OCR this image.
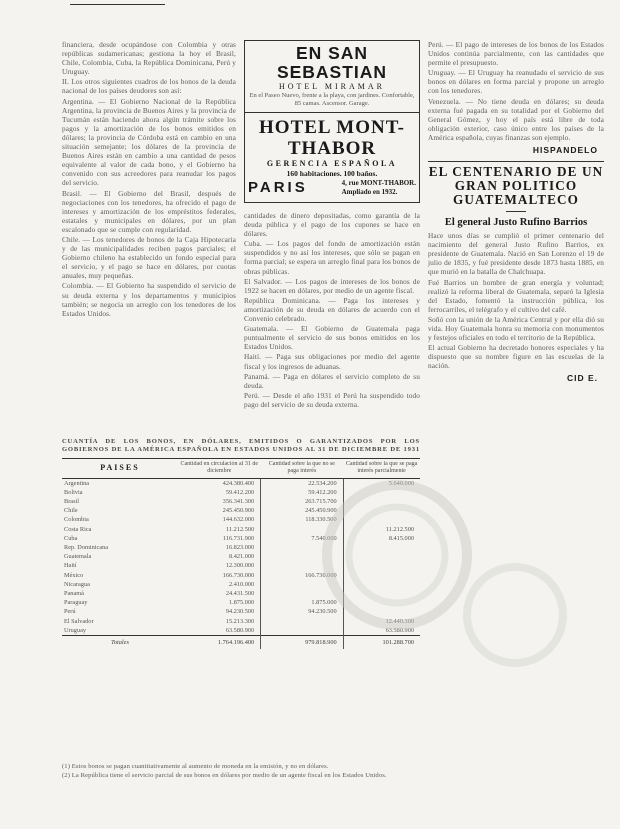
financiera, desde ocupándose con Colombia y otras repúblicas sudamericanas; gestiona la hoy el Brasil, Chile, Colombia, Cuba, la República Dominicana, Perú y Uruguay.

II. Los otros siguientes cuadros de los bonos de la deuda nacional de los países deudores son así:

Argentina. — El Gobierno Nacional de la República Argentina, la provincia de Buenos Aires y la provincia de Tucumán están haciendo ahora algún trámite sobre los pagos y la amortización de los bonos emitidos en dólares; la provincia de Córdoba está en cambio en una situación semejante; los dólares de la provincia de Buenos Aires están en cambio a una cantidad de pesos equivalente al valor de cada bono, y el Gobierno ha convenido con sus acreedores para reanudar los pagos del servicio.

Brasil. — El Gobierno del Brasil, después de negociaciones con los tenedores, ha ofrecido el pago de intereses y amortización de los empréstitos federales, estatales y municipales en dólares, por un plan escalonado que se cumple con regularidad.

Chile. — Los tenedores de bonos de la Caja Hipotecaria y de las municipalidades reciben pagos parciales; el Gobierno chileno ha establecido un fondo especial para el servicio, y el pago se hace en dólares, por cuotas anuales, muy pequeñas.

Colombia. — El Gobierno ha suspendido el servicio de su deuda externa y los departamentos y municipios también; se negocia un arreglo con los tenedores de los Estados Unidos.

EN SAN SEBASTIAN
HOTEL MIRAMAR
En el Paseo Nuevo, frente a la playa, con jardines. Confortable, 85 camas. Ascensor. Garage.
HOTEL MONT-THABOR
GERENCIA ESPAÑOLA
160 habitaciones. 100 baños.
PARIS	4, rue MONT-THABOR.
Ampliado en 1932.

cantidades de dinero depositadas, como garantía de la deuda pública y el pago de los cupones se hace en dólares.

Cuba. — Los pagos del fondo de amortización están suspendidos y no así los intereses, que sólo se pagan en forma parcial; se espera un arreglo final para los bonos de obras públicas.

El Salvador. — Los pagos de intereses de los bonos de 1922 se hacen en dólares, por medio de un agente fiscal.

República Dominicana. — Paga los intereses y amortización de su deuda en dólares de acuerdo con el Convenio celebrado.

Guatemala. — El Gobierno de Guatemala paga puntualmente el servicio de sus bonos emitidos en los Estados Unidos.

Haití. — Paga sus obligaciones por medio del agente fiscal y los ingresos de aduanas.

Panamá. — Paga en dólares el servicio completo de su deuda.

Perú. — Desde el año 1931 el Perú ha suspendido todo pago del servicio de su deuda externa.

Perú. — El pago de intereses de los bonos de los Estados Unidos continúa parcialmente, con las cantidades que permite el presupuesto.

Uruguay. — El Uruguay ha reanudado el servicio de sus bonos en dólares en forma parcial y propone un arreglo con los tenedores.

Venezuela. — No tiene deuda en dólares; su deuda externa fué pagada en su totalidad por el Gobierno del General Gómez, y hoy el país está libre de toda obligación exterior, caso único entre los países de la América española, cuyas finanzas son ejemplo.

HISPANDELO
EL CENTENARIO DE UN GRAN POLITICO GUATEMALTECO
El general Justo Rufino Barrios

Hace unos días se cumplió el primer centenario del nacimiento del general Justo Rufino Barrios, ex presidente de Guatemala. Nació en San Lorenzo el 19 de julio de 1835, y fué presidente desde 1873 hasta 1885, en que murió en la batalla de Chalchuapa.

Fué Barrios un hombre de gran energía y voluntad; realizó la reforma liberal de Guatemala, separó la Iglesia del Estado, fomentó la instrucción pública, los ferrocarriles, el telégrafo y el cultivo del café.

Soñó con la unión de la América Central y por ella dió su vida. Hoy Guatemala honra su memoria con monumentos y festejos oficiales en todo el territorio de la República.

El actual Gobierno ha decretado honores especiales y ha dispuesto que su nombre figure en las escuelas de la nación.

CID E.
CUANTÍA DE LOS BONOS, EN DÓLARES, EMITIDOS O GARANTIZADOS POR LOS GOBIERNOS DE LA AMÉRICA ESPAÑOLA EN ESTADOS UNIDOS AL 31 DE DICIEMBRE DE 1931
PAISES	Cantidad en circulación al 31 de diciembre	Cantidad sobre la que no se paga interés	Cantidad sobre la que se paga interés parcialmente
Argentina	424.380.400	22.534.200	5.640.000
Bolivia	59.412.200	59.412.200	
Brasil	356.341.300	263.715.700	
Chile	245.450.900	245.450.900	
Colombia	144.632.000	118.330.500	
Costa Rica	11.212.500		11.212.500
Cuba	116.731.900	7.540.000	8.415.000
Rep. Dominicana	16.823.000		
Guatemala	8.421.000		
Haití	12.300.000		
México	166.730.000	166.730.000	
Nicaragua	2.410.000		
Panamá	24.431.500		
Paraguay	1.875.000	1.875.000	
Perú	94.230.500	94.230.500	
El Salvador	15.213.300		12.440.300
Uruguay	63.580.900		63.580.900
Totales	1.764.196.400	979.818.900	101.288.700

(1) Estos bonos se pagan cuantitativamente al aumento de moneda en la emisión, y no en dólares.

(2) La República tiene el servicio parcial de sus bonos en dólares por medio de un agente fiscal en los Estados Unidos.
